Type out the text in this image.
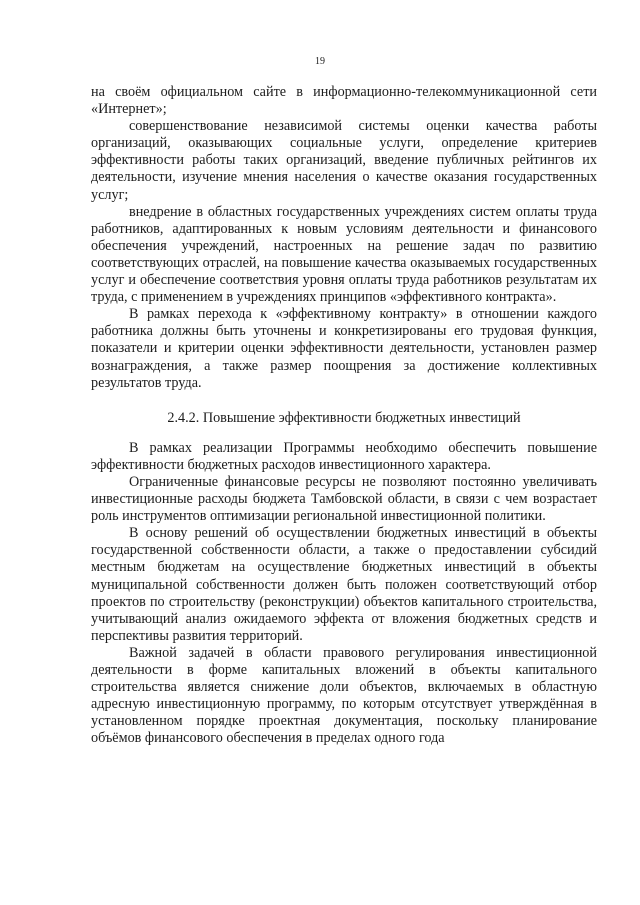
19

на своём официальном сайте в информационно-телекоммуникационной сети «Интернет»;

совершенствование независимой системы оценки качества работы организаций, оказывающих социальные услуги, определение критериев эффективности работы таких организаций, введение публичных рейтингов их деятельности, изучение мнения населения о качестве оказания государственных услуг;

внедрение в областных государственных учреждениях систем оплаты труда работников, адаптированных к новым условиям деятельности и финансового обеспечения учреждений, настроенных на решение задач по развитию соответствующих отраслей, на повышение качества оказываемых государственных услуг и обеспечение соответствия уровня оплаты труда работников результатам их труда, с применением в учреждениях принципов «эффективного контракта».

В рамках перехода к «эффективному контракту» в отношении каждого работника должны быть уточнены и конкретизированы его трудовая функция, показатели и критерии оценки эффективности деятельности, установлен размер вознаграждения, а также размер поощрения за достижение коллективных результатов труда.

2.4.2. Повышение эффективности бюджетных инвестиций

В рамках реализации Программы необходимо обеспечить повышение эффективности бюджетных расходов инвестиционного характера.

Ограниченные финансовые ресурсы не позволяют постоянно увеличивать инвестиционные расходы бюджета Тамбовской области, в связи с чем возрастает роль инструментов оптимизации региональной инвестиционной политики.

В основу решений об осуществлении бюджетных инвестиций в объекты государственной собственности области, а также о предоставлении субсидий местным бюджетам на осуществление бюджетных инвестиций в объекты муниципальной собственности должен быть положен соответствующий отбор проектов по строительству (реконструкции) объектов капитального строительства, учитывающий анализ ожидаемого эффекта от вложения бюджетных средств и перспективы развития территорий.

Важной задачей в области правового регулирования инвестиционной деятельности в форме капитальных вложений в объекты капитального строительства является снижение доли объектов, включаемых в областную адресную инвестиционную программу, по которым отсутствует утверждённая в установленном порядке проектная документация, поскольку планирование объёмов финансового обеспечения в пределах одного года
